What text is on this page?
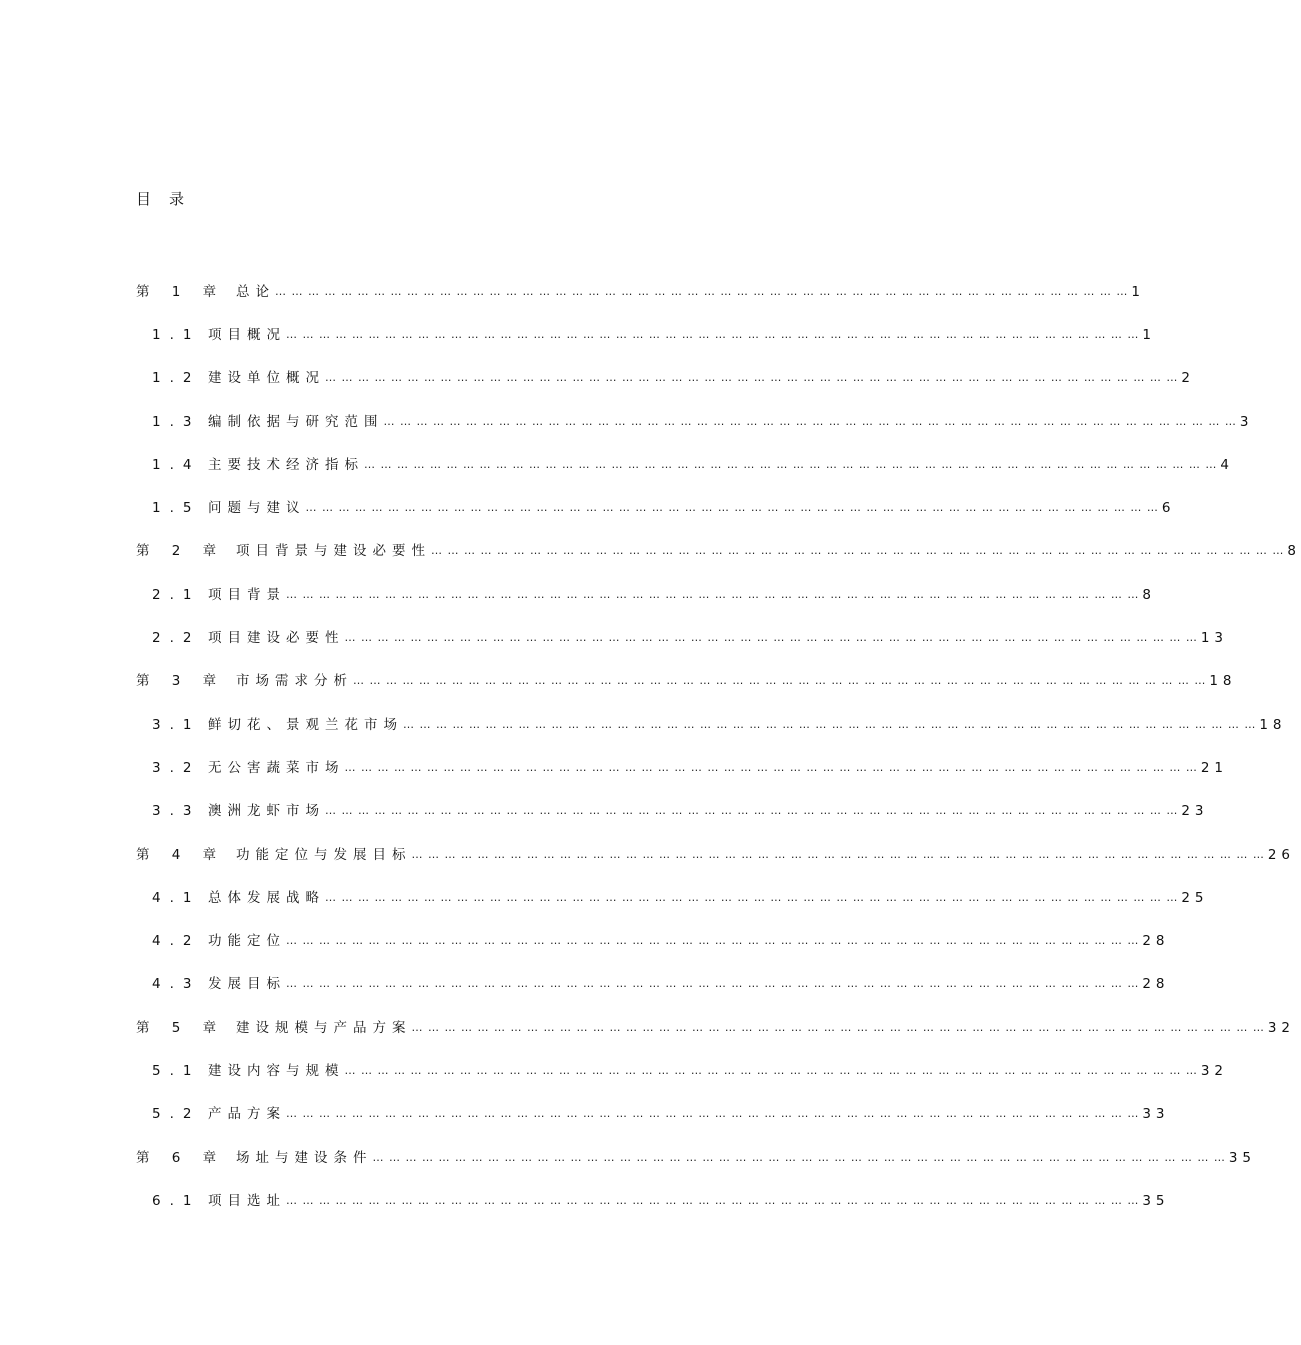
目录
第 1 章 总论 … … … … … … … … … … … … … … … … … … … … … … … … … … … … … … … … … … … … … … … … … … … … … … … … … … … …	1
1.1 项目概况 … … … … … … … … … … … … … … … … … … … … … … … … … … … … … … … … … … … … … … … … … … … … … … … … … … … …	1
1.2 建设单位概况 … … … … … … … … … … … … … … … … … … … … … … … … … … … … … … … … … … … … … … … … … … … … … … … … … … … …	2
1.3 编制依据与研究范围 … … … … … … … … … … … … … … … … … … … … … … … … … … … … … … … … … … … … … … … … … … … … … … … … … … … …	3
1.4 主要技术经济指标 … … … … … … … … … … … … … … … … … … … … … … … … … … … … … … … … … … … … … … … … … … … … … … … … … … … …	4
1.5 问题与建议 … … … … … … … … … … … … … … … … … … … … … … … … … … … … … … … … … … … … … … … … … … … … … … … … … … … …	6
第 2 章 项目背景与建设必要性 … … … … … … … … … … … … … … … … … … … … … … … … … … … … … … … … … … … … … … … … … … … … … … … … … … … …	8
2.1 项目背景 … … … … … … … … … … … … … … … … … … … … … … … … … … … … … … … … … … … … … … … … … … … … … … … … … … … …	8
2.2 项目建设必要性 … … … … … … … … … … … … … … … … … … … … … … … … … … … … … … … … … … … … … … … … … … … … … … … … … … … …	13
第 3 章 市场需求分析 … … … … … … … … … … … … … … … … … … … … … … … … … … … … … … … … … … … … … … … … … … … … … … … … … … … …	18
3.1 鲜切花、景观兰花市场 … … … … … … … … … … … … … … … … … … … … … … … … … … … … … … … … … … … … … … … … … … … … … … … … … … … …	18
3.2 无公害蔬菜市场 … … … … … … … … … … … … … … … … … … … … … … … … … … … … … … … … … … … … … … … … … … … … … … … … … … … …	21
3.3 澳洲龙虾市场 … … … … … … … … … … … … … … … … … … … … … … … … … … … … … … … … … … … … … … … … … … … … … … … … … … … …	23
第 4 章 功能定位与发展目标 … … … … … … … … … … … … … … … … … … … … … … … … … … … … … … … … … … … … … … … … … … … … … … … … … … … …	26
4.1 总体发展战略 … … … … … … … … … … … … … … … … … … … … … … … … … … … … … … … … … … … … … … … … … … … … … … … … … … … …	25
4.2 功能定位 … … … … … … … … … … … … … … … … … … … … … … … … … … … … … … … … … … … … … … … … … … … … … … … … … … … …	28
4.3 发展目标 … … … … … … … … … … … … … … … … … … … … … … … … … … … … … … … … … … … … … … … … … … … … … … … … … … … …	28
第 5 章 建设规模与产品方案 … … … … … … … … … … … … … … … … … … … … … … … … … … … … … … … … … … … … … … … … … … … … … … … … … … … …	32
5.1 建设内容与规模 … … … … … … … … … … … … … … … … … … … … … … … … … … … … … … … … … … … … … … … … … … … … … … … … … … … …	32
5.2 产品方案 … … … … … … … … … … … … … … … … … … … … … … … … … … … … … … … … … … … … … … … … … … … … … … … … … … … …	33
第 6 章 场址与建设条件 … … … … … … … … … … … … … … … … … … … … … … … … … … … … … … … … … … … … … … … … … … … … … … … … … … … …	35
6.1 项目选址 … … … … … … … … … … … … … … … … … … … … … … … … … … … … … … … … … … … … … … … … … … … … … … … … … … … …	35
